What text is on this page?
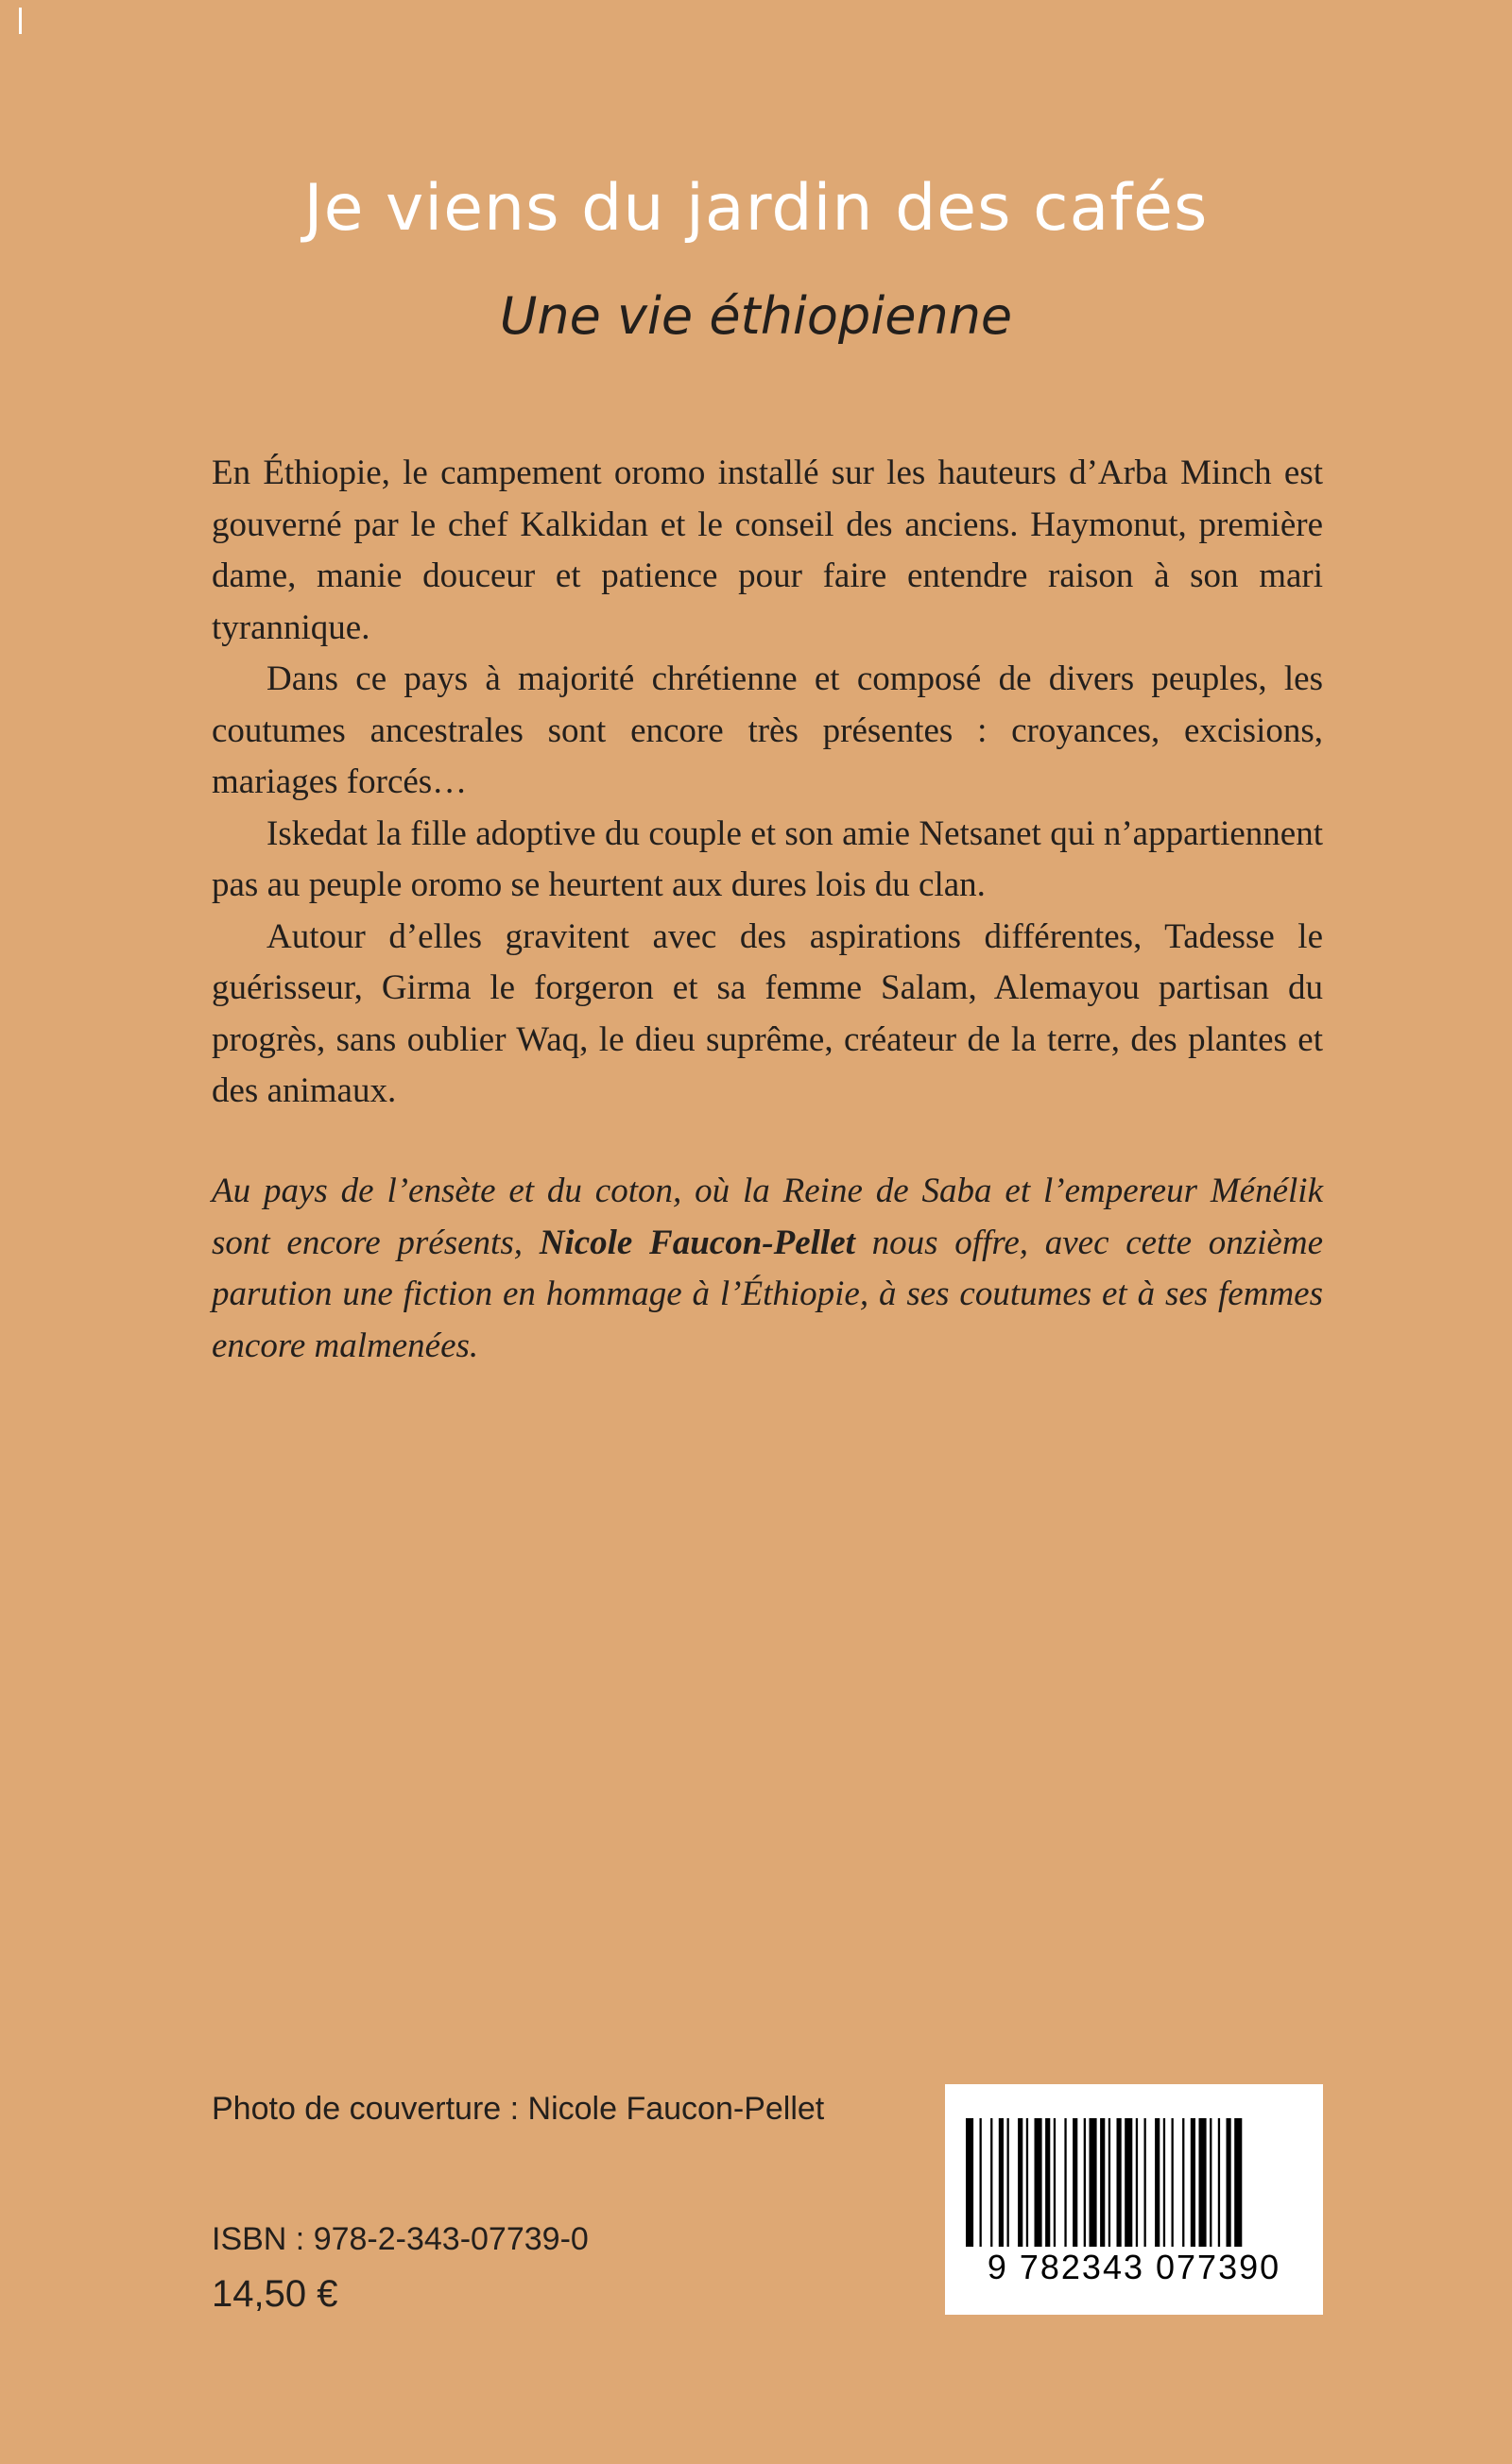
Je viens du jardin des cafés
Une vie éthiopienne

En Éthiopie, le campement oromo installé sur les hauteurs d’Arba Minch est gouverné par le chef Kalkidan et le conseil des anciens. Haymonut, première dame, manie douceur et patience pour faire entendre raison à son mari tyrannique.

Dans ce pays à majorité chrétienne et composé de divers peuples, les coutumes ancestrales sont encore très présentes : croyances, excisions, mariages forcés…

Iskedat la fille adoptive du couple et son amie Netsanet qui n’appartiennent pas au peuple oromo se heurtent aux dures lois du clan.

Autour d’elles gravitent avec des aspirations différentes, Tadesse le guérisseur, Girma le forgeron et sa femme Salam, Alemayou partisan du progrès, sans oublier Waq, le dieu suprême, créateur de la terre, des plantes et des animaux.

Au pays de l’ensète et du coton, où la Reine de Saba et l’empereur Ménélik sont encore présents, Nicole Faucon-Pellet nous offre, avec cette onzième parution une fiction en hommage à l’Éthiopie, à ses coutumes et à ses femmes encore malmenées.

Photo de couverture : Nicole Faucon-Pellet
ISBN : 978-2-343-07739-0
14,50 €
9 782343 077390
